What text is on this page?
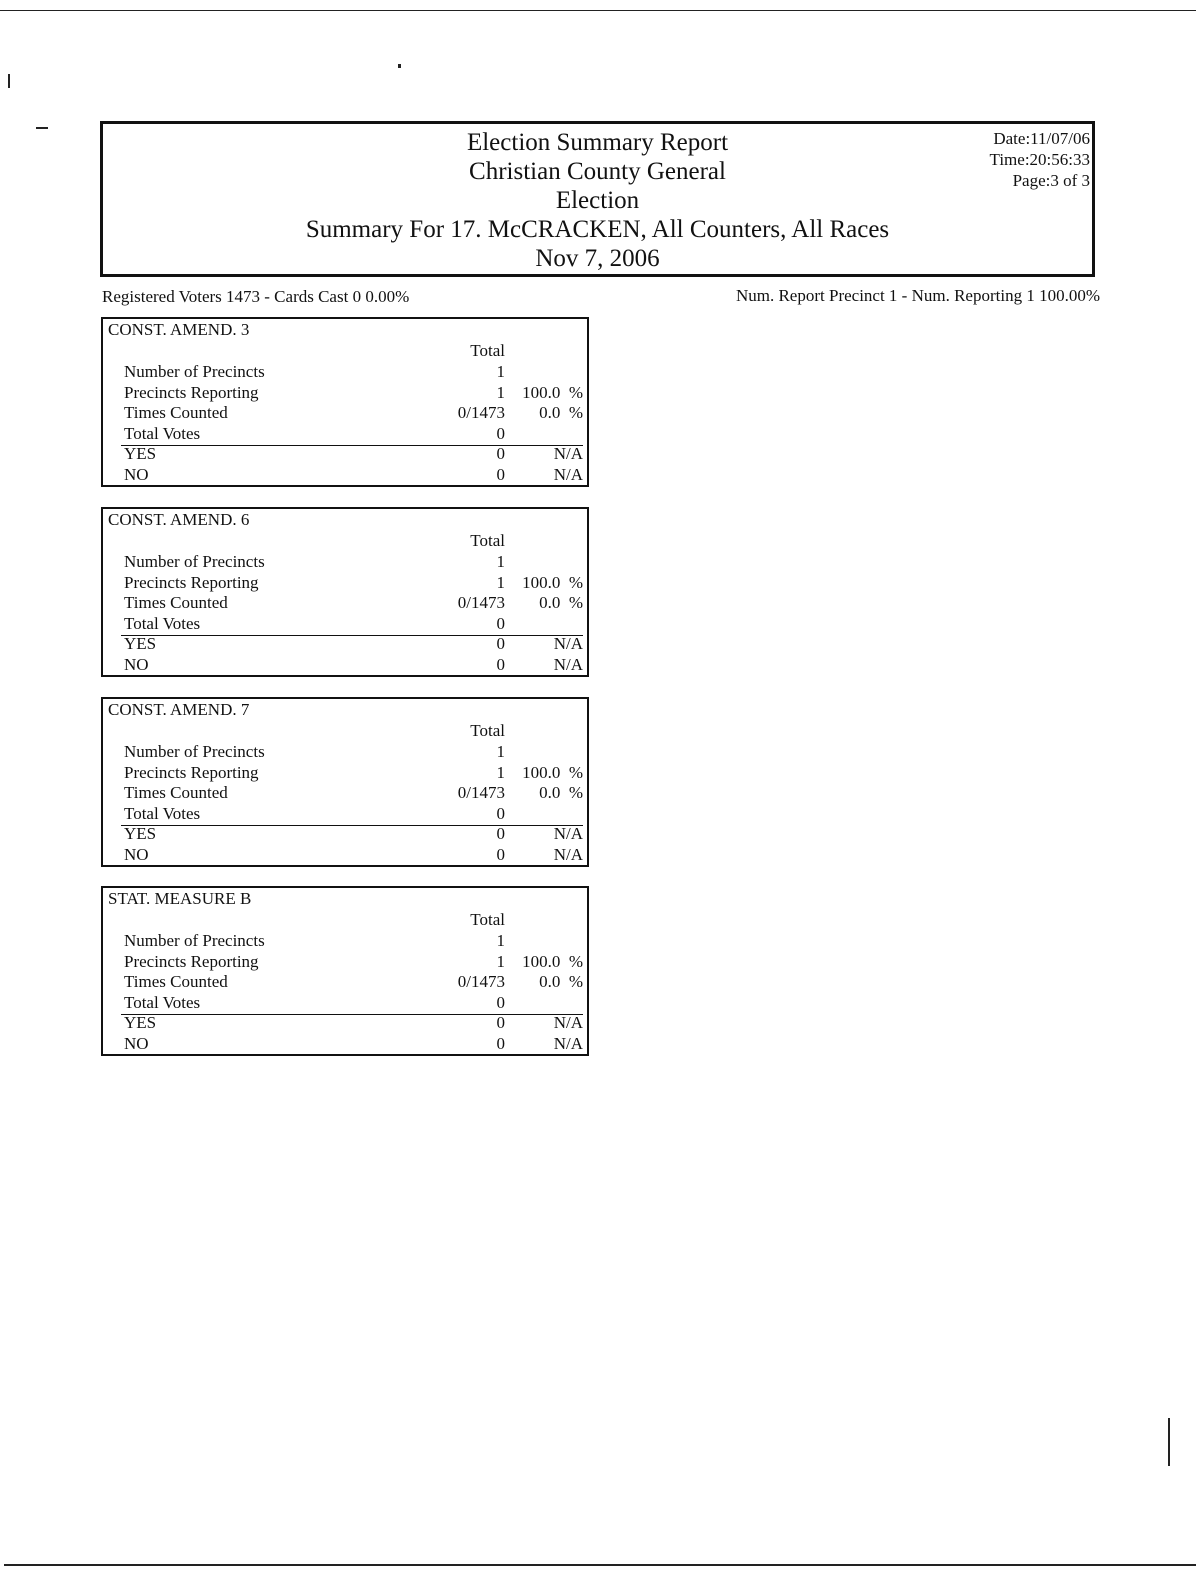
Election Summary Report
Christian County General
Election
Summary For 17. McCRACKEN, All Counters, All Races
Nov 7, 2006
Date:11/07/06
Time:20:56:33
Page:3 of 3
Registered Voters 1473 - Cards Cast 0 0.00%	Num. Report Precinct 1 - Num. Reporting 1 100.00%
CONST. AMEND. 3
Total
Number of Precincts	1
Precincts Reporting	1 100.0  %
Times Counted	0/1473 0.0  %
Total Votes	0
YES	0	N/A
NO	0	N/A
CONST. AMEND. 6
Total
Number of Precincts	1
Precincts Reporting	1 100.0  %
Times Counted	0/1473 0.0  %
Total Votes	0
YES	0	N/A
NO	0	N/A
CONST. AMEND. 7
Total
Number of Precincts	1
Precincts Reporting	1 100.0  %
Times Counted	0/1473 0.0  %
Total Votes	0
YES	0	N/A
NO	0	N/A
STAT. MEASURE B
Total
Number of Precincts	1
Precincts Reporting	1 100.0  %
Times Counted	0/1473 0.0  %
Total Votes	0
YES	0	N/A
NO	0	N/A
